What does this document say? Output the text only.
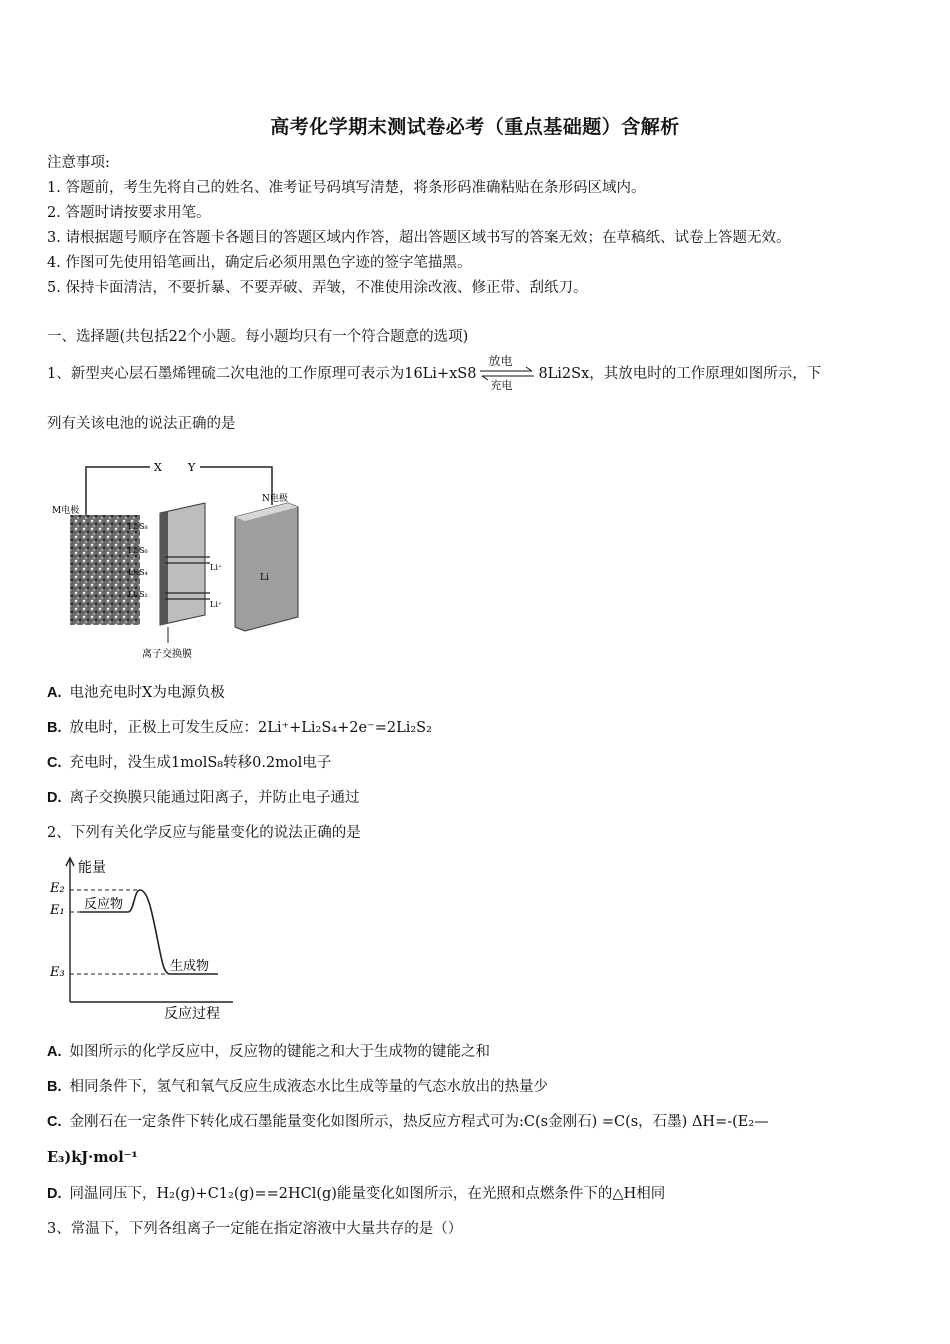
高考化学期末测试卷必考（重点基础题）含解析
注意事项:
1. 答题前，考生先将自己的姓名、准考证号码填写清楚，将条形码准确粘贴在条形码区域内。
2. 答题时请按要求用笔。
3. 请根据题号顺序在答题卡各题目的答题区域内作答，超出答题区域书写的答案无效；在草稿纸、试卷上答题无效。
4. 作图可先使用铅笔画出，确定后必须用黑色字迹的签字笔描黑。
5. 保持卡面清洁，不要折暴、不要弄破、弄皱，不准使用涂改液、修正带、刮纸刀。
一、选择题(共包括22个小题。每小题均只有一个符合题意的选项)
1、新型夹心层石墨烯锂硫二次电池的工作原理可表示为16Li+xS8
放电
充电
8Li2Sx，其放电时的工作原理如图所示，下
列有关该电池的说法正确的是
X Y
M电极
Li₂S₈
Li₂S₆
Li₂S₄
Li₂S₂
Li⁺
Li⁺
N电极
Li
离子交换膜
A. 电池充电时X为电源负极
B. 放电时，正极上可发生反应：2Li⁺+Li₂S₄+2e⁻=2Li₂S₂
C. 充电时，没生成1molS₈转移0.2mol电子
D. 离子交换膜只能通过阳离子，并防止电子通过
2、下列有关化学反应与能量变化的说法正确的是
能量
反应过程
E₂
E₁
E₃
反应物
生成物
A. 如图所示的化学反应中，反应物的键能之和大于生成物的键能之和
B. 相同条件下，氢气和氧气反应生成液态水比生成等量的气态水放出的热量少
C. 金刚石在一定条件下转化成石墨能量变化如图所示，热反应方程式可为:C(s金刚石) =C(s，石墨) ΔH=-(E₂—
E₃)kJ·mol⁻¹
D. 同温同压下，H₂(g)+C1₂(g)==2HCl(g)能量变化如图所示，在光照和点燃条件下的△H相同
3、常温下，下列各组离子一定能在指定溶液中大量共存的是（）
